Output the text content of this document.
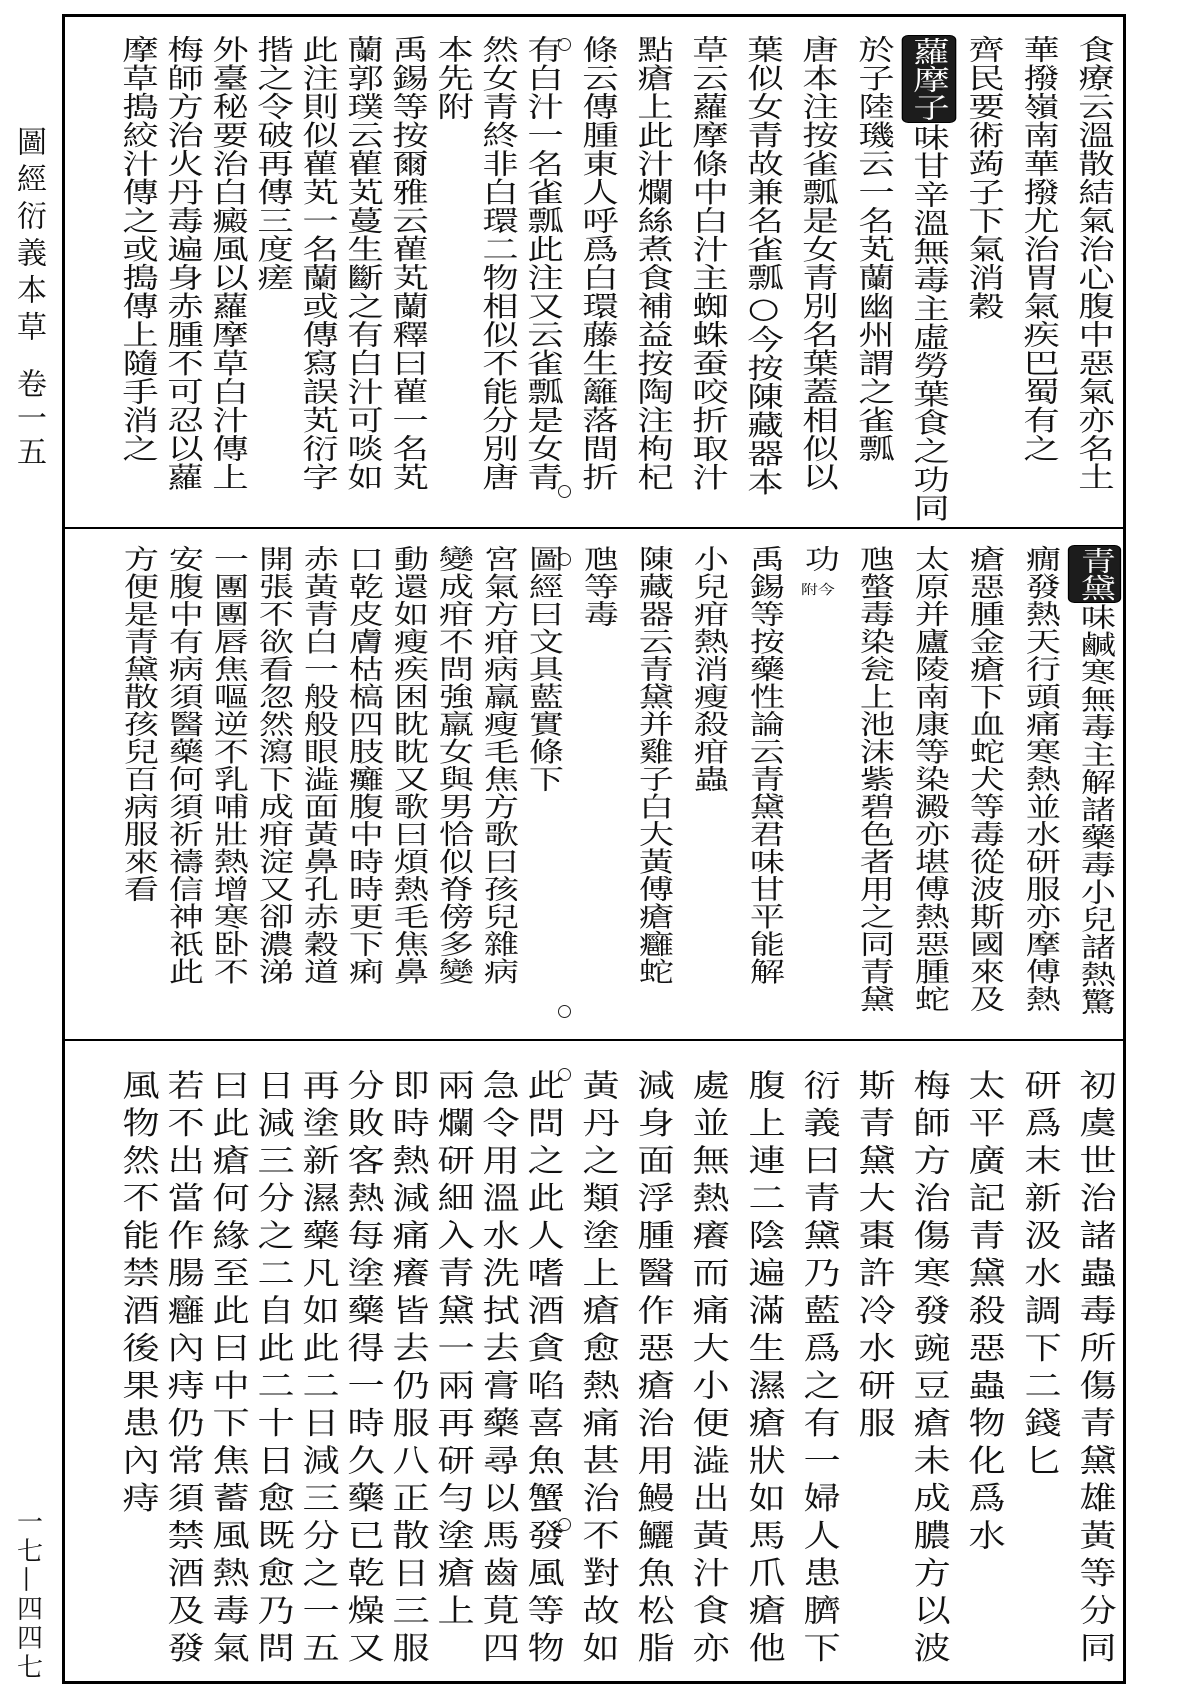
圖經衍義本草
卷一五
一七—四四七
食療云溫散結氣治心腹中惡氣亦名土
華撥嶺南華撥尤治胃氣疾巴蜀有之
齊民要術蒟子下氣消穀
蘿摩子味甘辛溫無毒主虛勞葉食之功同
於子陸璣云一名芄蘭幽州謂之雀瓢
唐本注按雀瓢是女青別名葉蓋相似以
葉似女青故兼名雀瓢○今按陳藏器本
草云蘿摩條中白汁主蜘蛛蚕咬折取汁
點瘡上此汁爛絲煮食補益按陶注枸杞
條云傳腫東人呼爲白環藤生籬落間折
有白汁一名雀瓢此注又云雀瓢是女青
然女青終非白環二物相似不能分別唐
本先附
禹錫等按爾雅云雚芄蘭釋曰雚一名芄
蘭郭璞云雚芄蔓生斷之有白汁可啖如
此注則似雚芄一名蘭或傳寫誤芄衍字
揩之令破再傳三度瘥
外臺秘要治白癜風以蘿摩草白汁傳上
梅師方治火丹毒遍身赤腫不可忍以蘿
摩草搗絞汁傳之或搗傳上隨手消之
青黛味鹹寒無毒主解諸藥毒小兒諸熱驚
癇發熱天行頭痛寒熱並水研服亦摩傅熱
瘡惡腫金瘡下血蛇犬等毒從波斯國來及
太原并廬陵南康等染澱亦堪傅熱惡腫蛇
虺螫毒染瓮上池沫紫碧色者用之同青黛
功今附
禹錫等按藥性論云青黛君味甘平能解
小兒疳熱消瘦殺疳蟲
陳藏器云青黛并雞子白大黃傅瘡癰蛇
虺等毒
圖經曰文具藍實條下
宮氣方疳病羸瘦毛焦方歌曰孩兒雜病
變成疳不問強羸女與男恰似脊傍多變
動還如瘦疾困眈眈又歌曰煩熱毛焦鼻
口乾皮膚枯槁四肢癱腹中時時更下痢
赤黃青白一般般眼澁面黃鼻孔赤穀道
開張不欲看忽然瀉下成疳淀又卻濃涕
一團團唇焦嘔逆不乳哺壯熱增寒卧不
安腹中有病須醫藥何須祈禱信神祇此
方便是青黛散孩兒百病服來看
初虞世治諸蟲毒所傷青黛雄黃等分同
研爲末新汲水調下二錢匕
太平廣記青黛殺惡蟲物化爲水
梅師方治傷寒發豌豆瘡未成膿方以波
斯青黛大棗許冷水研服
衍義曰青黛乃藍爲之有一婦人患臍下
腹上連二陰遍滿生濕瘡狀如馬爪瘡他
處並無熱癢而痛大小便澁出黃汁食亦
減身面浮腫醫作惡瘡治用鰻鱺魚松脂
黃丹之類塗上瘡愈熱痛甚治不對故如
此問之此人嗜酒貪啗喜魚蟹發風等物
急令用溫水洗拭去膏藥尋以馬齒莧四
兩爛研細入青黛一兩再研勻塗瘡上
即時熱減痛癢皆去仍服八正散日三服
分敗客熱每塗藥得一時久藥已乾燥又
再塗新濕藥凡如此二日減三分之一五
日減三分之二自此二十日愈既愈乃問
曰此瘡何緣至此曰中下焦蓄風熱毒氣
若不出當作腸癰內痔仍常須禁酒及發
風物然不能禁酒後果患內痔
